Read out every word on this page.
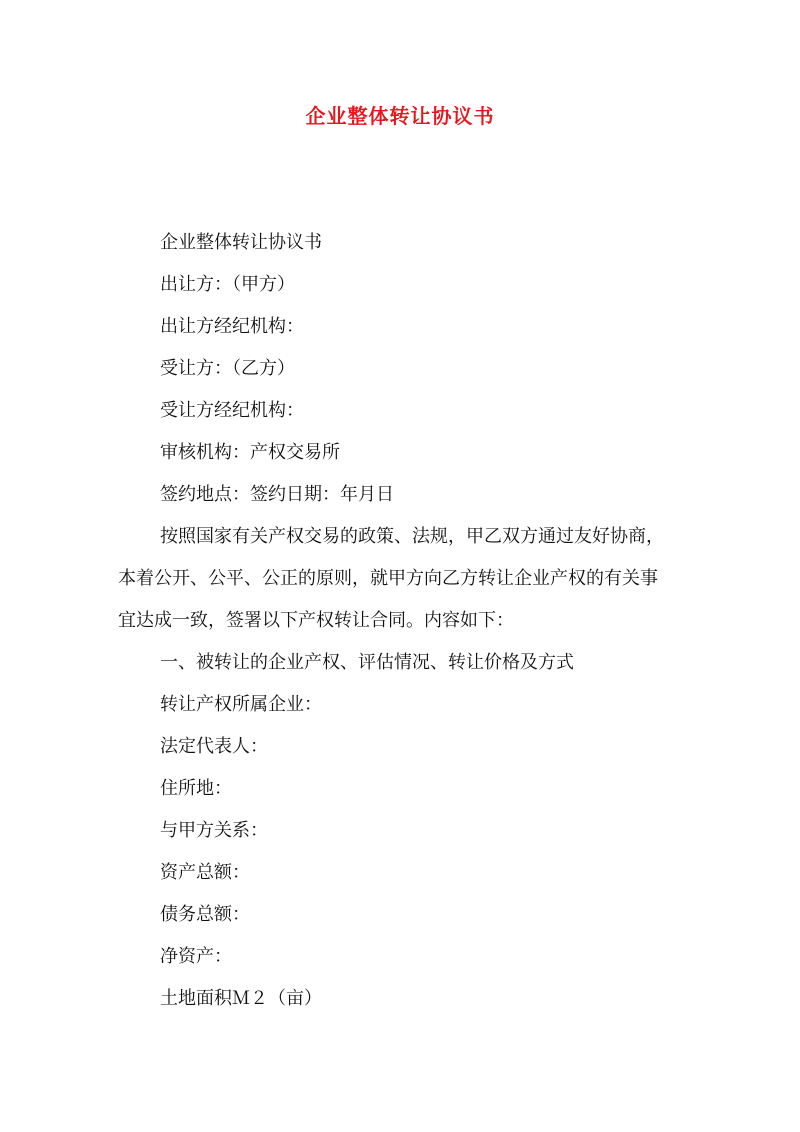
企业整体转让协议书
企业整体转让协议书
出让方：（甲方）
出让方经纪机构：
受让方：（乙方）
受让方经纪机构：
审核机构：产权交易所
签约地点：签约日期：年月日
按照国家有关产权交易的政策、法规，甲乙双方通过友好协商，
本着公开、公平、公正的原则，就甲方向乙方转让企业产权的有关事
宜达成一致，签署以下产权转让合同。内容如下：
一、被转让的企业产权、评估情况、转让价格及方式
转让产权所属企业：
法定代表人：
住所地：
与甲方关系：
资产总额：
债务总额：
净资产：
土地面积Ｍ２（亩）
